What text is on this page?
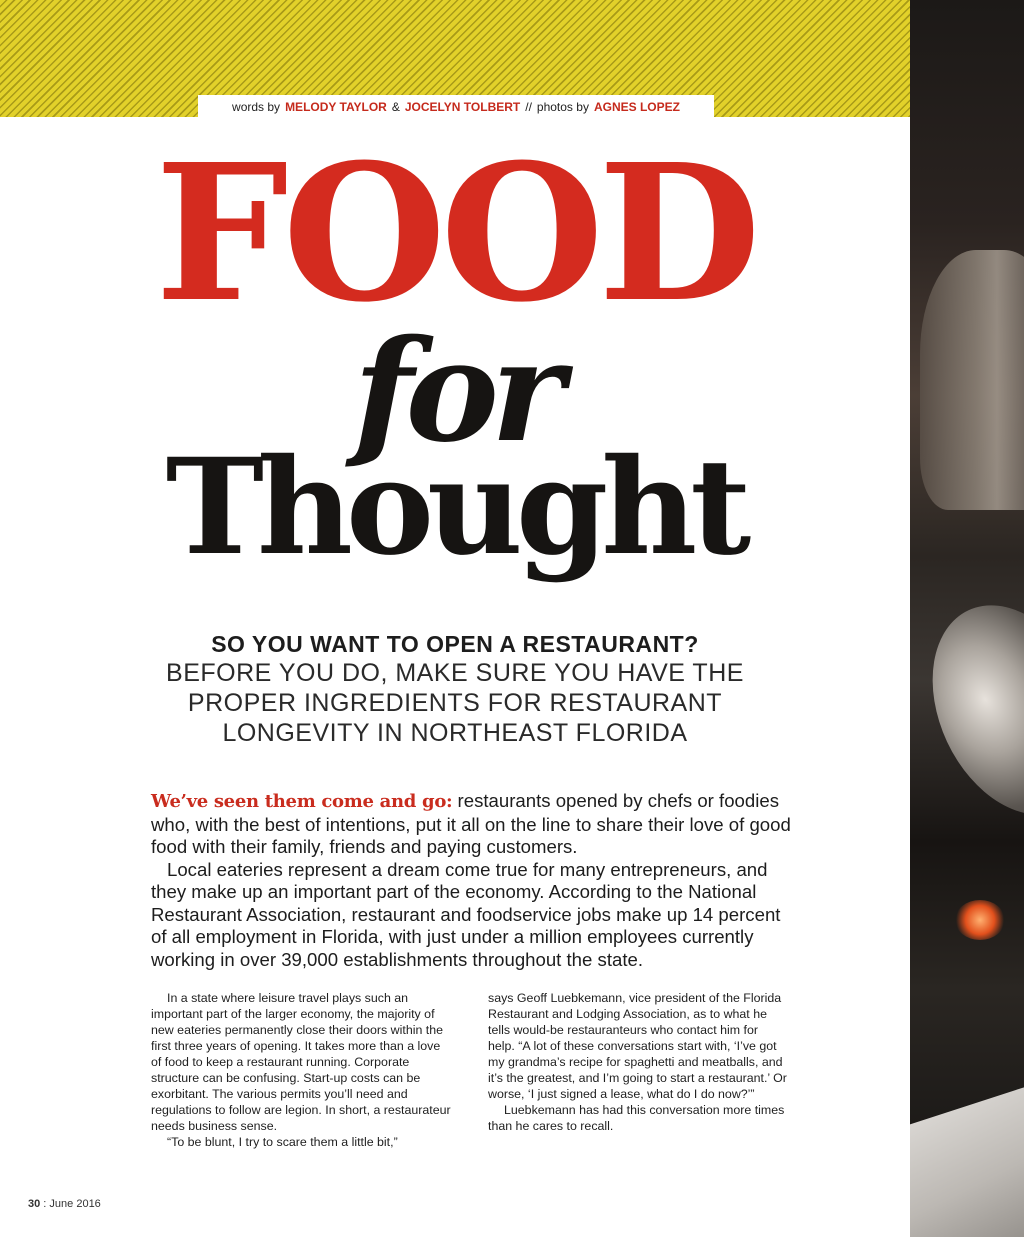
words by MELODY TAYLOR & JOCELYN TOLBERT // photos by AGNES LOPEZ
FOOD
for
Thought
SO YOU WANT TO OPEN A RESTAURANT?
BEFORE YOU DO, MAKE SURE YOU HAVE THE
PROPER INGREDIENTS FOR RESTAURANT
LONGEVITY IN NORTHEAST FLORIDA

We’ve seen them come and go: restaurants opened by chefs or foodies who, with the best of intentions, put it all on the line to share their love of good food with their family, friends and paying customers.

Local eateries represent a dream come true for many entrepreneurs, and they make up an important part of the economy. According to the National Restaurant Association, restaurant and foodservice jobs make up 14 percent of all employment in Florida, with just under a million employees currently working in over 39,000 establishments throughout the state.

In a state where leisure travel plays such an important part of the larger economy, the majority of new eateries permanently close their doors within the first three years of opening. It takes more than a love of food to keep a restaurant running. Corporate structure can be confusing. Start-up costs can be exorbitant. The various permits you’ll need and regulations to follow are legion. In short, a restaurateur needs business sense.

“To be blunt, I try to scare them a little bit,”

says Geoff Luebkemann, vice president of the Florida Restaurant and Lodging Association, as to what he tells would-be restauranteurs who contact him for help. “A lot of these conversations start with, ‘I’ve got my grandma’s recipe for spaghetti and meatballs, and it’s the greatest, and I’m going to start a restaurant.’ Or worse, ‘I just signed a lease, what do I do now?’”

Luebkemann has had this conversation more times than he cares to recall.

30 : June 2016
